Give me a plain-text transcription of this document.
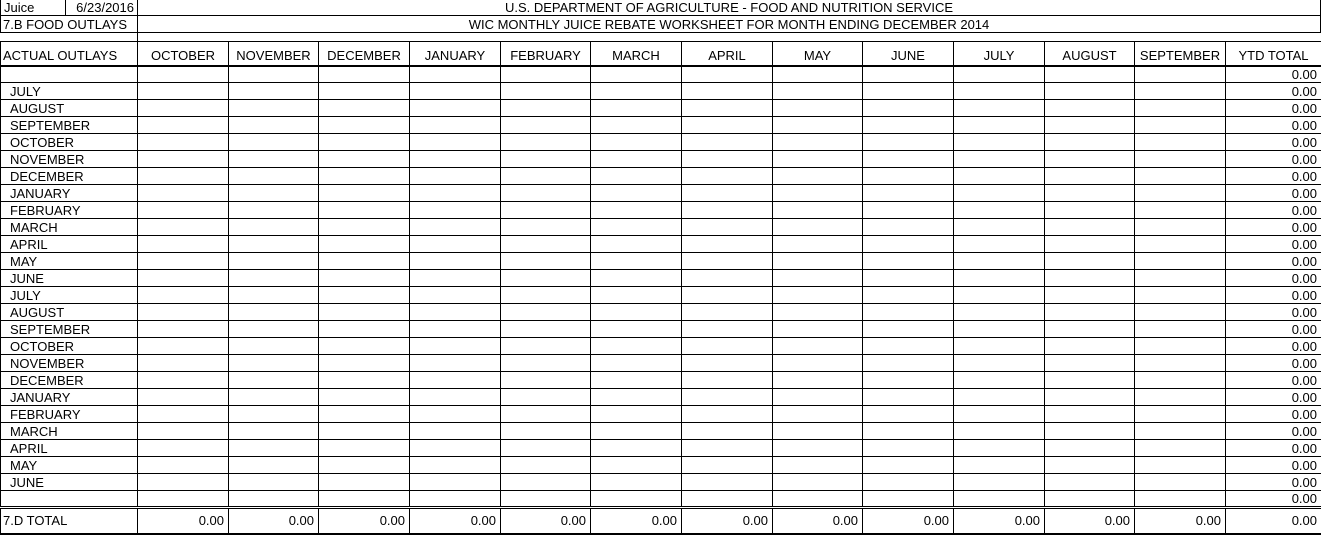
Juice	6/23/2016	U.S. DEPARTMENT OF AGRICULTURE - FOOD AND NUTRITION SERVICE
7.B FOOD OUTLAYS	WIC MONTHLY JUICE REBATE WORKSHEET FOR MONTH ENDING DECEMBER 2014
ACTUAL OUTLAYS	OCTOBER	NOVEMBER	DECEMBER	JANUARY	FEBRUARY	MARCH	APRIL	MAY	JUNE	JULY	AUGUST	SEPTEMBER	YTD TOTAL
													0.00
JULY													0.00
AUGUST													0.00
SEPTEMBER													0.00
OCTOBER													0.00
NOVEMBER													0.00
DECEMBER													0.00
JANUARY													0.00
FEBRUARY													0.00
MARCH													0.00
APRIL													0.00
MAY													0.00
JUNE													0.00
JULY													0.00
AUGUST													0.00
SEPTEMBER													0.00
OCTOBER													0.00
NOVEMBER													0.00
DECEMBER													0.00
JANUARY													0.00
FEBRUARY													0.00
MARCH													0.00
APRIL													0.00
MAY													0.00
JUNE													0.00
													0.00
7.D TOTAL	0.00	0.00	0.00	0.00	0.00	0.00	0.00	0.00	0.00	0.00	0.00	0.00	0.00
